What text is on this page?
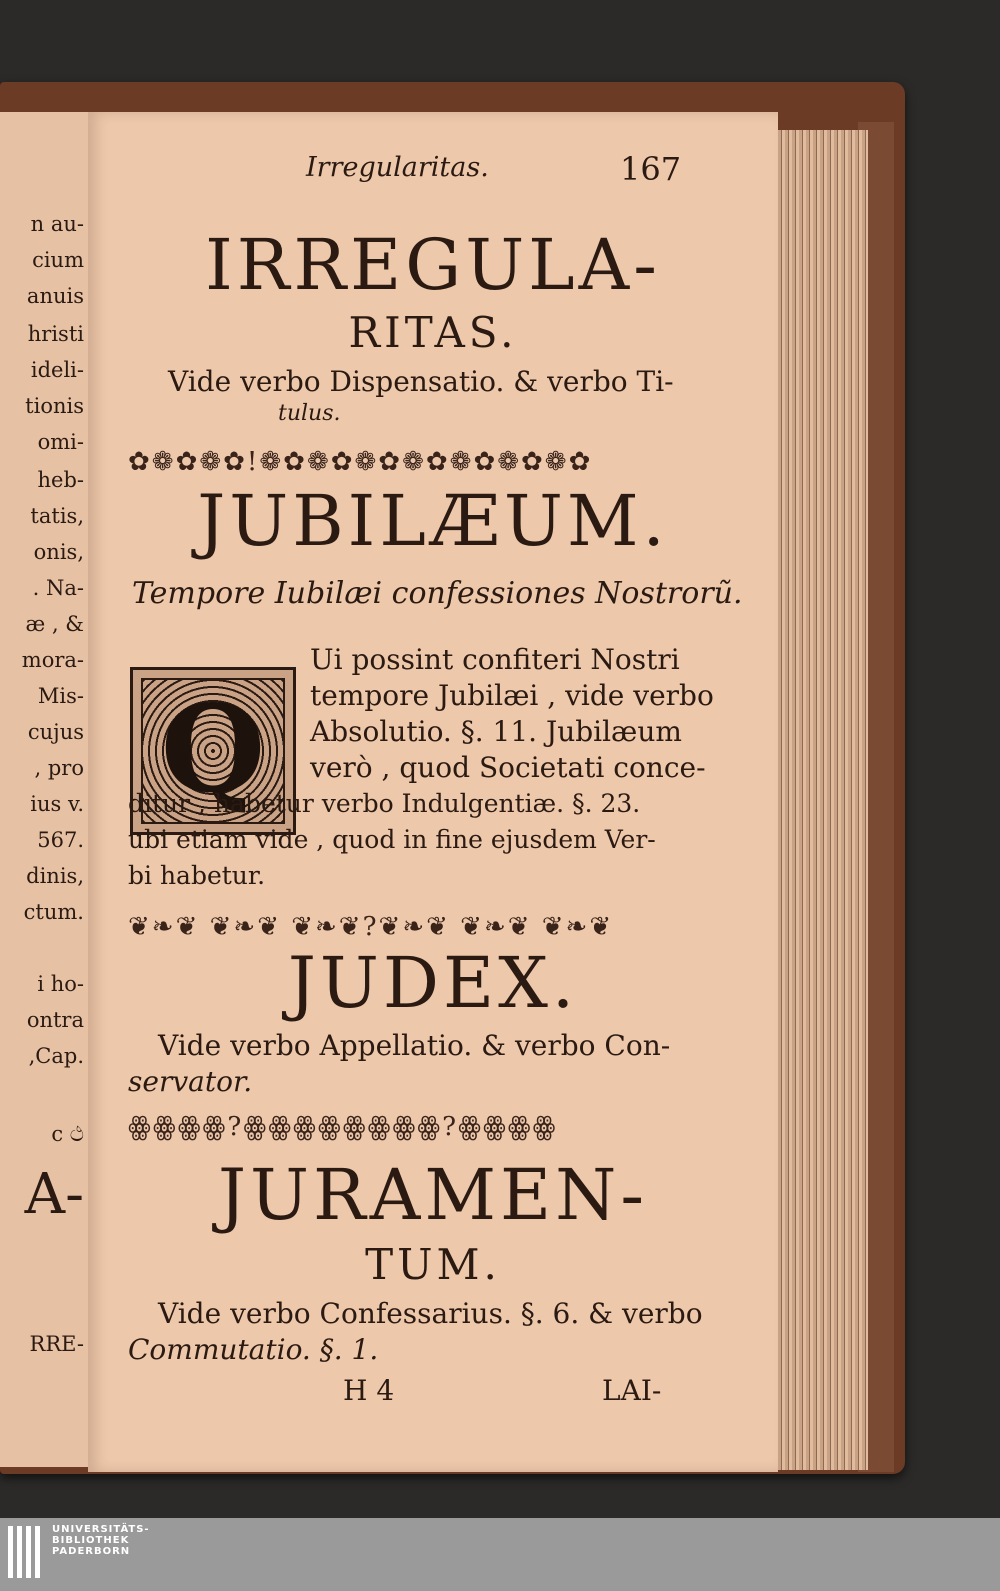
n au-
cium
anuis
hristi
ideli-
tionis
omi-
heb-
tatis,
onis,
. Na-
æ , &
mora-
Mis-
cujus
, pro
ius v.
567.
dinis,
ctum.
i ho-
ontra
,Cap.
c ථ
A-
RRE-
Irregularitas.	167
IRREGULA-
RITAS.
Vide verbo Dispensatio. & verbo Ti-
tulus.
✿❁✿❁✿!❁✿❁✿❁✿❁✿❁✿❁✿❁✿
JUBILÆUM.
Tempore Iubilæi confessiones Nostrorũ.
Q
Ui possint confiteri Nostri
tempore Jubilæi , vide verbo
Absolutio. §. 11. Jubilæum
verò , quod Societati conce-
ditur , habetur verbo Indulgentiæ. §. 23.
ubi etiam vide , quod in fine ejusdem Ver-
bi habetur.
❦❧❦ ❦❧❦ ❦❧❦?❦❧❦ ❦❧❦ ❦❧❦
JUDEX.
Vide verbo Appellatio. & verbo Con-
servator.
ꙮꙮꙮꙮ?ꙮꙮꙮꙮꙮꙮꙮꙮ?ꙮꙮꙮꙮ
JURAMEN-
TUM.
Vide verbo Confessarius. §. 6. & verbo
Commutatio. §. 1.
H 4	LAI-
UNIVERSITÄTS-
BIBLIOTHEK
PADERBORN
